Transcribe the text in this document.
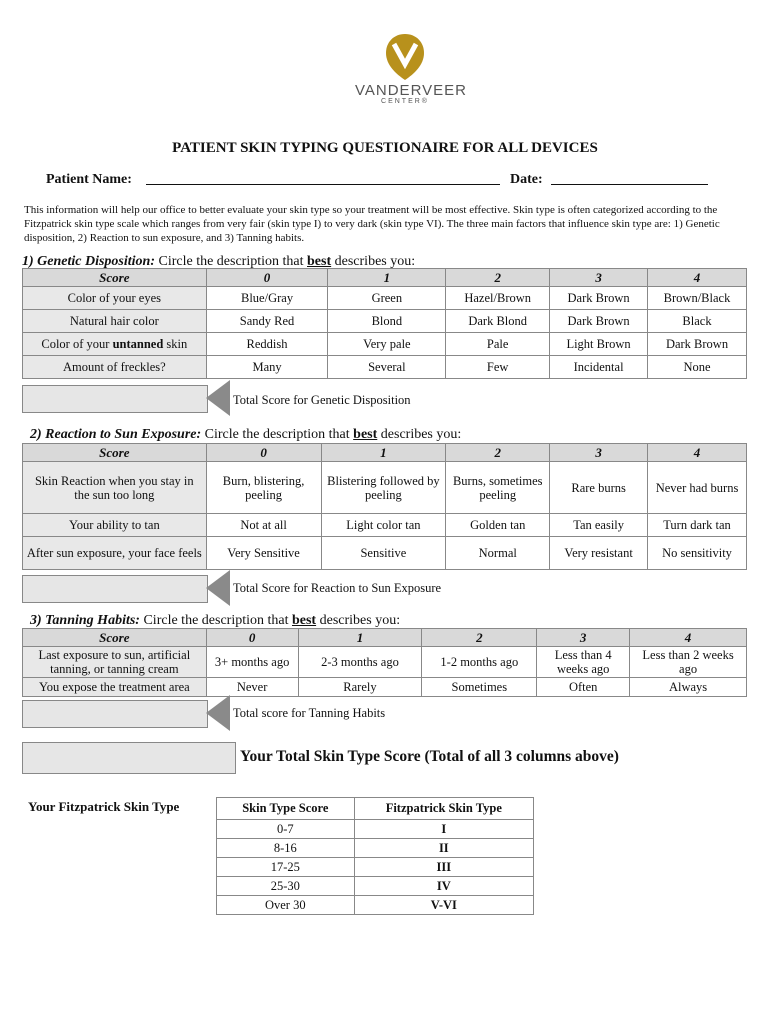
VANDERVEER
CENTER®
PATIENT SKIN TYPING QUESTIONAIRE FOR ALL DEVICES
Patient Name:	Date:
This information will help our office to better evaluate your skin type so your treatment will be most effective. Skin type is often categorized according to the Fitzpatrick skin type scale which ranges from very fair (skin type I) to very dark (skin type VI). The three main factors that influence skin type are: 1) Genetic disposition, 2) Reaction to sun exposure, and 3) Tanning habits.
1) Genetic Disposition: Circle the description that best describes you:
Score	0	1	2	3	4
Color of your eyes	Blue/Gray	Green	Hazel/Brown	Dark Brown	Brown/Black
Natural hair color	Sandy Red	Blond	Dark Blond	Dark Brown	Black
Color of your untanned skin	Reddish	Very pale	Pale	Light Brown	Dark Brown
Amount of freckles?	Many	Several	Few	Incidental	None
Total Score for Genetic Disposition
2) Reaction to Sun Exposure: Circle the description that best describes you:
Score	0	1	2	3	4
Skin Reaction when you stay in the sun too long	Burn, blistering, peeling	Blistering followed by peeling	Burns, sometimes peeling	Rare burns	Never had burns
Your ability to tan	Not at all	Light color tan	Golden tan	Tan easily	Turn dark tan
After sun exposure, your face feels	Very Sensitive	Sensitive	Normal	Very resistant	No sensitivity
Total Score for Reaction to Sun Exposure
3) Tanning Habits: Circle the description that best describes you:
Score	0	1	2	3	4
Last exposure to sun, artificial tanning, or tanning cream	3+ months ago	2-3 months ago	1-2 months ago	Less than 4 weeks ago	Less than 2 weeks ago
You expose the treatment area	Never	Rarely	Sometimes	Often	Always
Total score for Tanning Habits
Your Total Skin Type Score (Total of all 3 columns above)
Your Fitzpatrick Skin Type	Skin Type Score	Fitzpatrick Skin Type
0-7	I
8-16	II
17-25	III
25-30	IV
Over 30	V-VI
